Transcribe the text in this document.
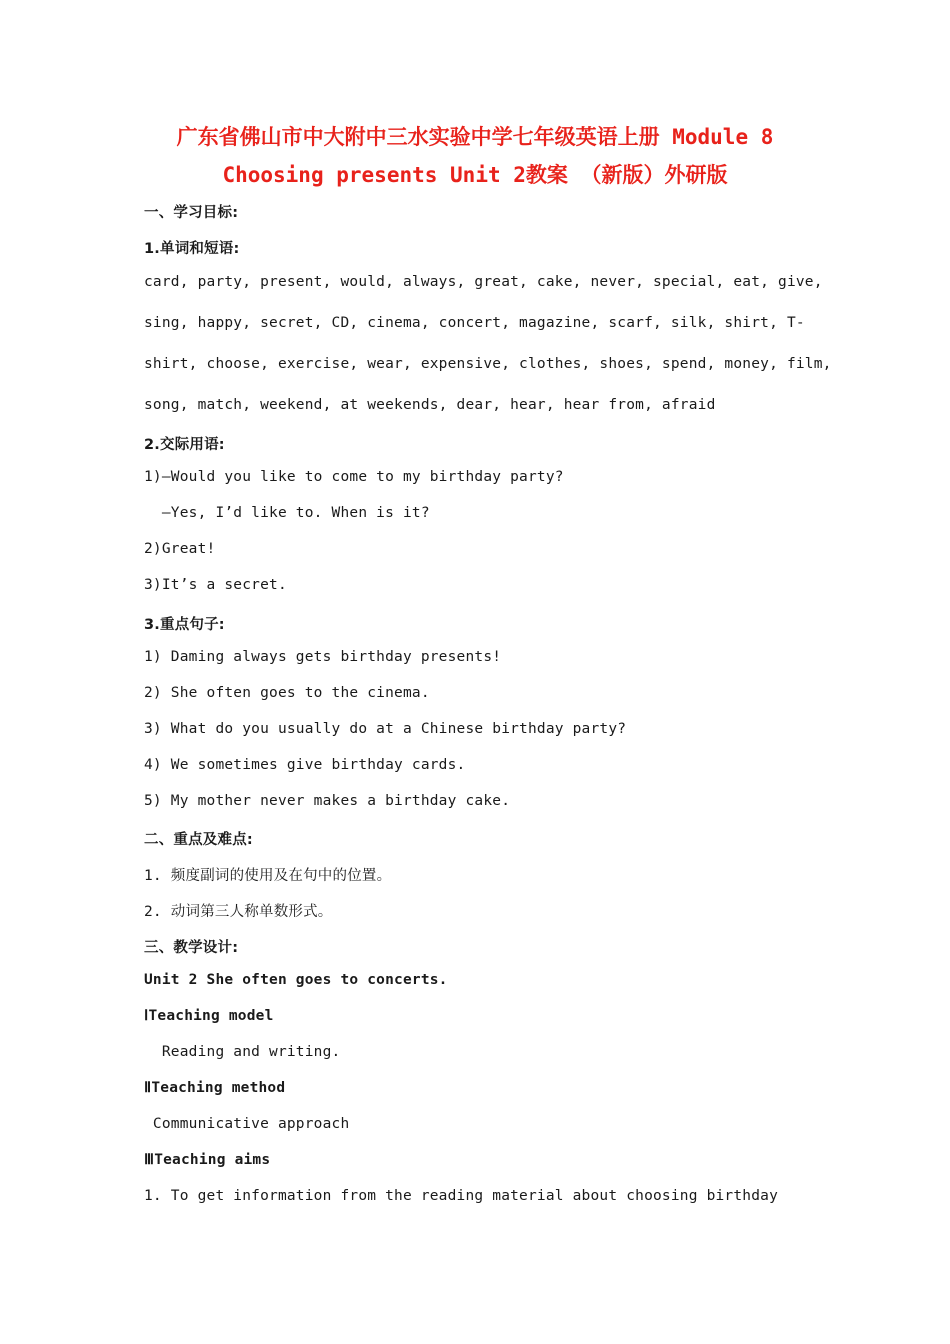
广东省佛山市中大附中三水实验中学七年级英语上册 Module 8
Choosing presents Unit 2教案 （新版）外研版
一、学习目标:
1.单词和短语:
card, party, present, would, always, great, cake, never, special, eat, give,
sing, happy, secret, CD, cinema, concert, magazine, scarf, silk, shirt, T-
shirt, choose, exercise, wear, expensive, clothes, shoes, spend, money, film,
song, match, weekend, at weekends, dear, hear, hear from, afraid
2.交际用语:
1)—Would you like to come to my birthday party?
—Yes, I’d like to. When is it?
2)Great!
3)It’s a secret.
3.重点句子:
1) Daming always gets birthday presents!
2) She often goes to the cinema.
3) What do you usually do at a Chinese birthday party?
4) We sometimes give birthday cards.
5) My mother never makes a birthday cake.
二、重点及难点:
1. 频度副词的使用及在句中的位置。
2. 动词第三人称单数形式。
三、教学设计:
Unit 2 She often goes to concerts.
ⅠTeaching model
Reading and writing.
ⅡTeaching method
Communicative approach
ⅢTeaching aims
1. To get information from the reading material about choosing birthday
